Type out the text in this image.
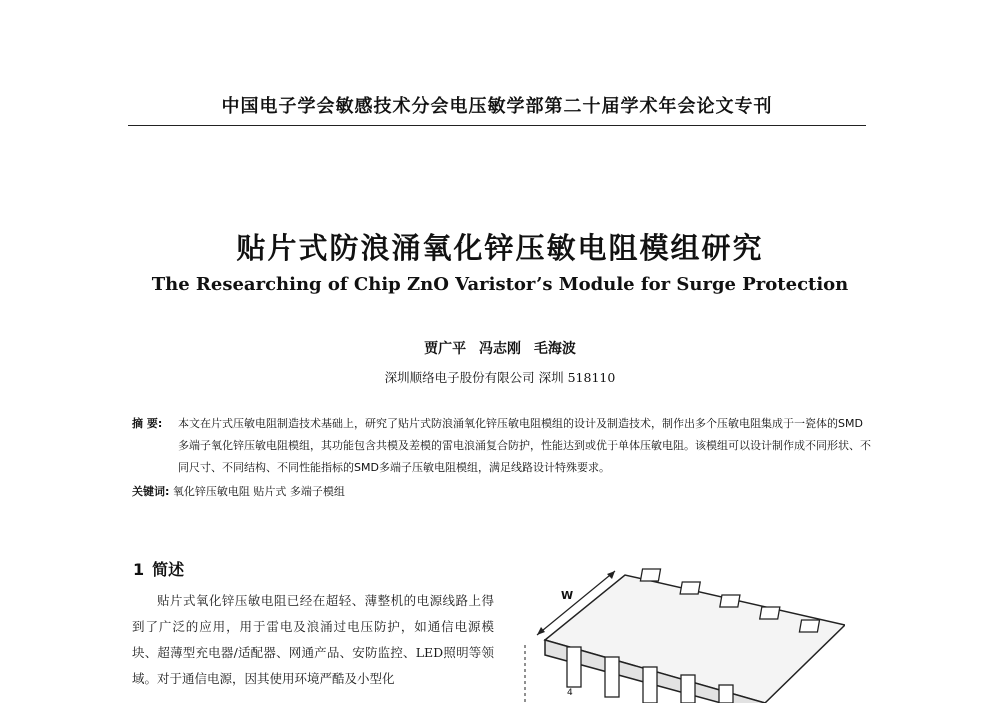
中国电子学会敏感技术分会电压敏学部第二十届学术年会论文专刊
贴片式防浪涌氧化锌压敏电阻模组研究
The Researching of Chip ZnO Varistor’s Module for Surge Protection
贾广平 冯志刚 毛海波
深圳顺络电子股份有限公司 深圳 518110
摘 要: 本文在片式压敏电阻制造技术基础上，研究了贴片式防浪涌氧化锌压敏电阻模组的设计及制造技术，制作出多个压敏电阻集成于一瓷体的SMD多端子氧化锌压敏电阻模组，其功能包含共模及差模的雷电浪涌复合防护，性能达到或优于单体压敏电阻。该模组可以设计制作成不同形状、不同尺寸、不同结构、不同性能指标的SMD多端子压敏电阻模组，满足线路设计特殊要求。
关键词: 氧化锌压敏电阻 贴片式 多端子模组
1 简述
贴片式氧化锌压敏电阻已经在超轻、薄整机的电源线路上得到了广泛的应用，用于雷电及浪涌过电压防护，如通信电源模块、超薄型充电器/适配器、网通产品、安防监控、LED照明等领域。对于通信电源，因其使用环境严酷及小型化
W
4
